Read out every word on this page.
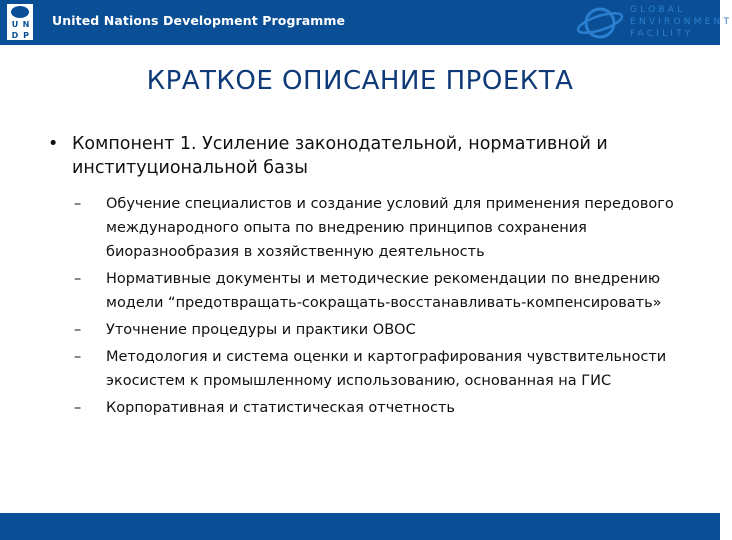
U N
D P
United Nations Development Programme
GLOBAL
ENVIRONMENT
FACILITY
КРАТКОЕ ОПИСАНИЕ ПРОЕКТА
• Компонент 1. Усиление законодательной, нормативной и институциональной базы
– Обучение специалистов и создание условий для применения передового международного опыта по внедрению принципов сохранения биоразнообразия в хозяйственную деятельность
– Нормативные документы и методические рекомендации по внедрению модели “предотвращать-сокращать-восстанавливать-компенсировать»
– Уточнение процедуры и практики ОВОС
– Методология и система оценки и картографирования чувствительности экосистем к промышленному использованию, основанная на ГИС
– Корпоративная и статистическая отчетность
